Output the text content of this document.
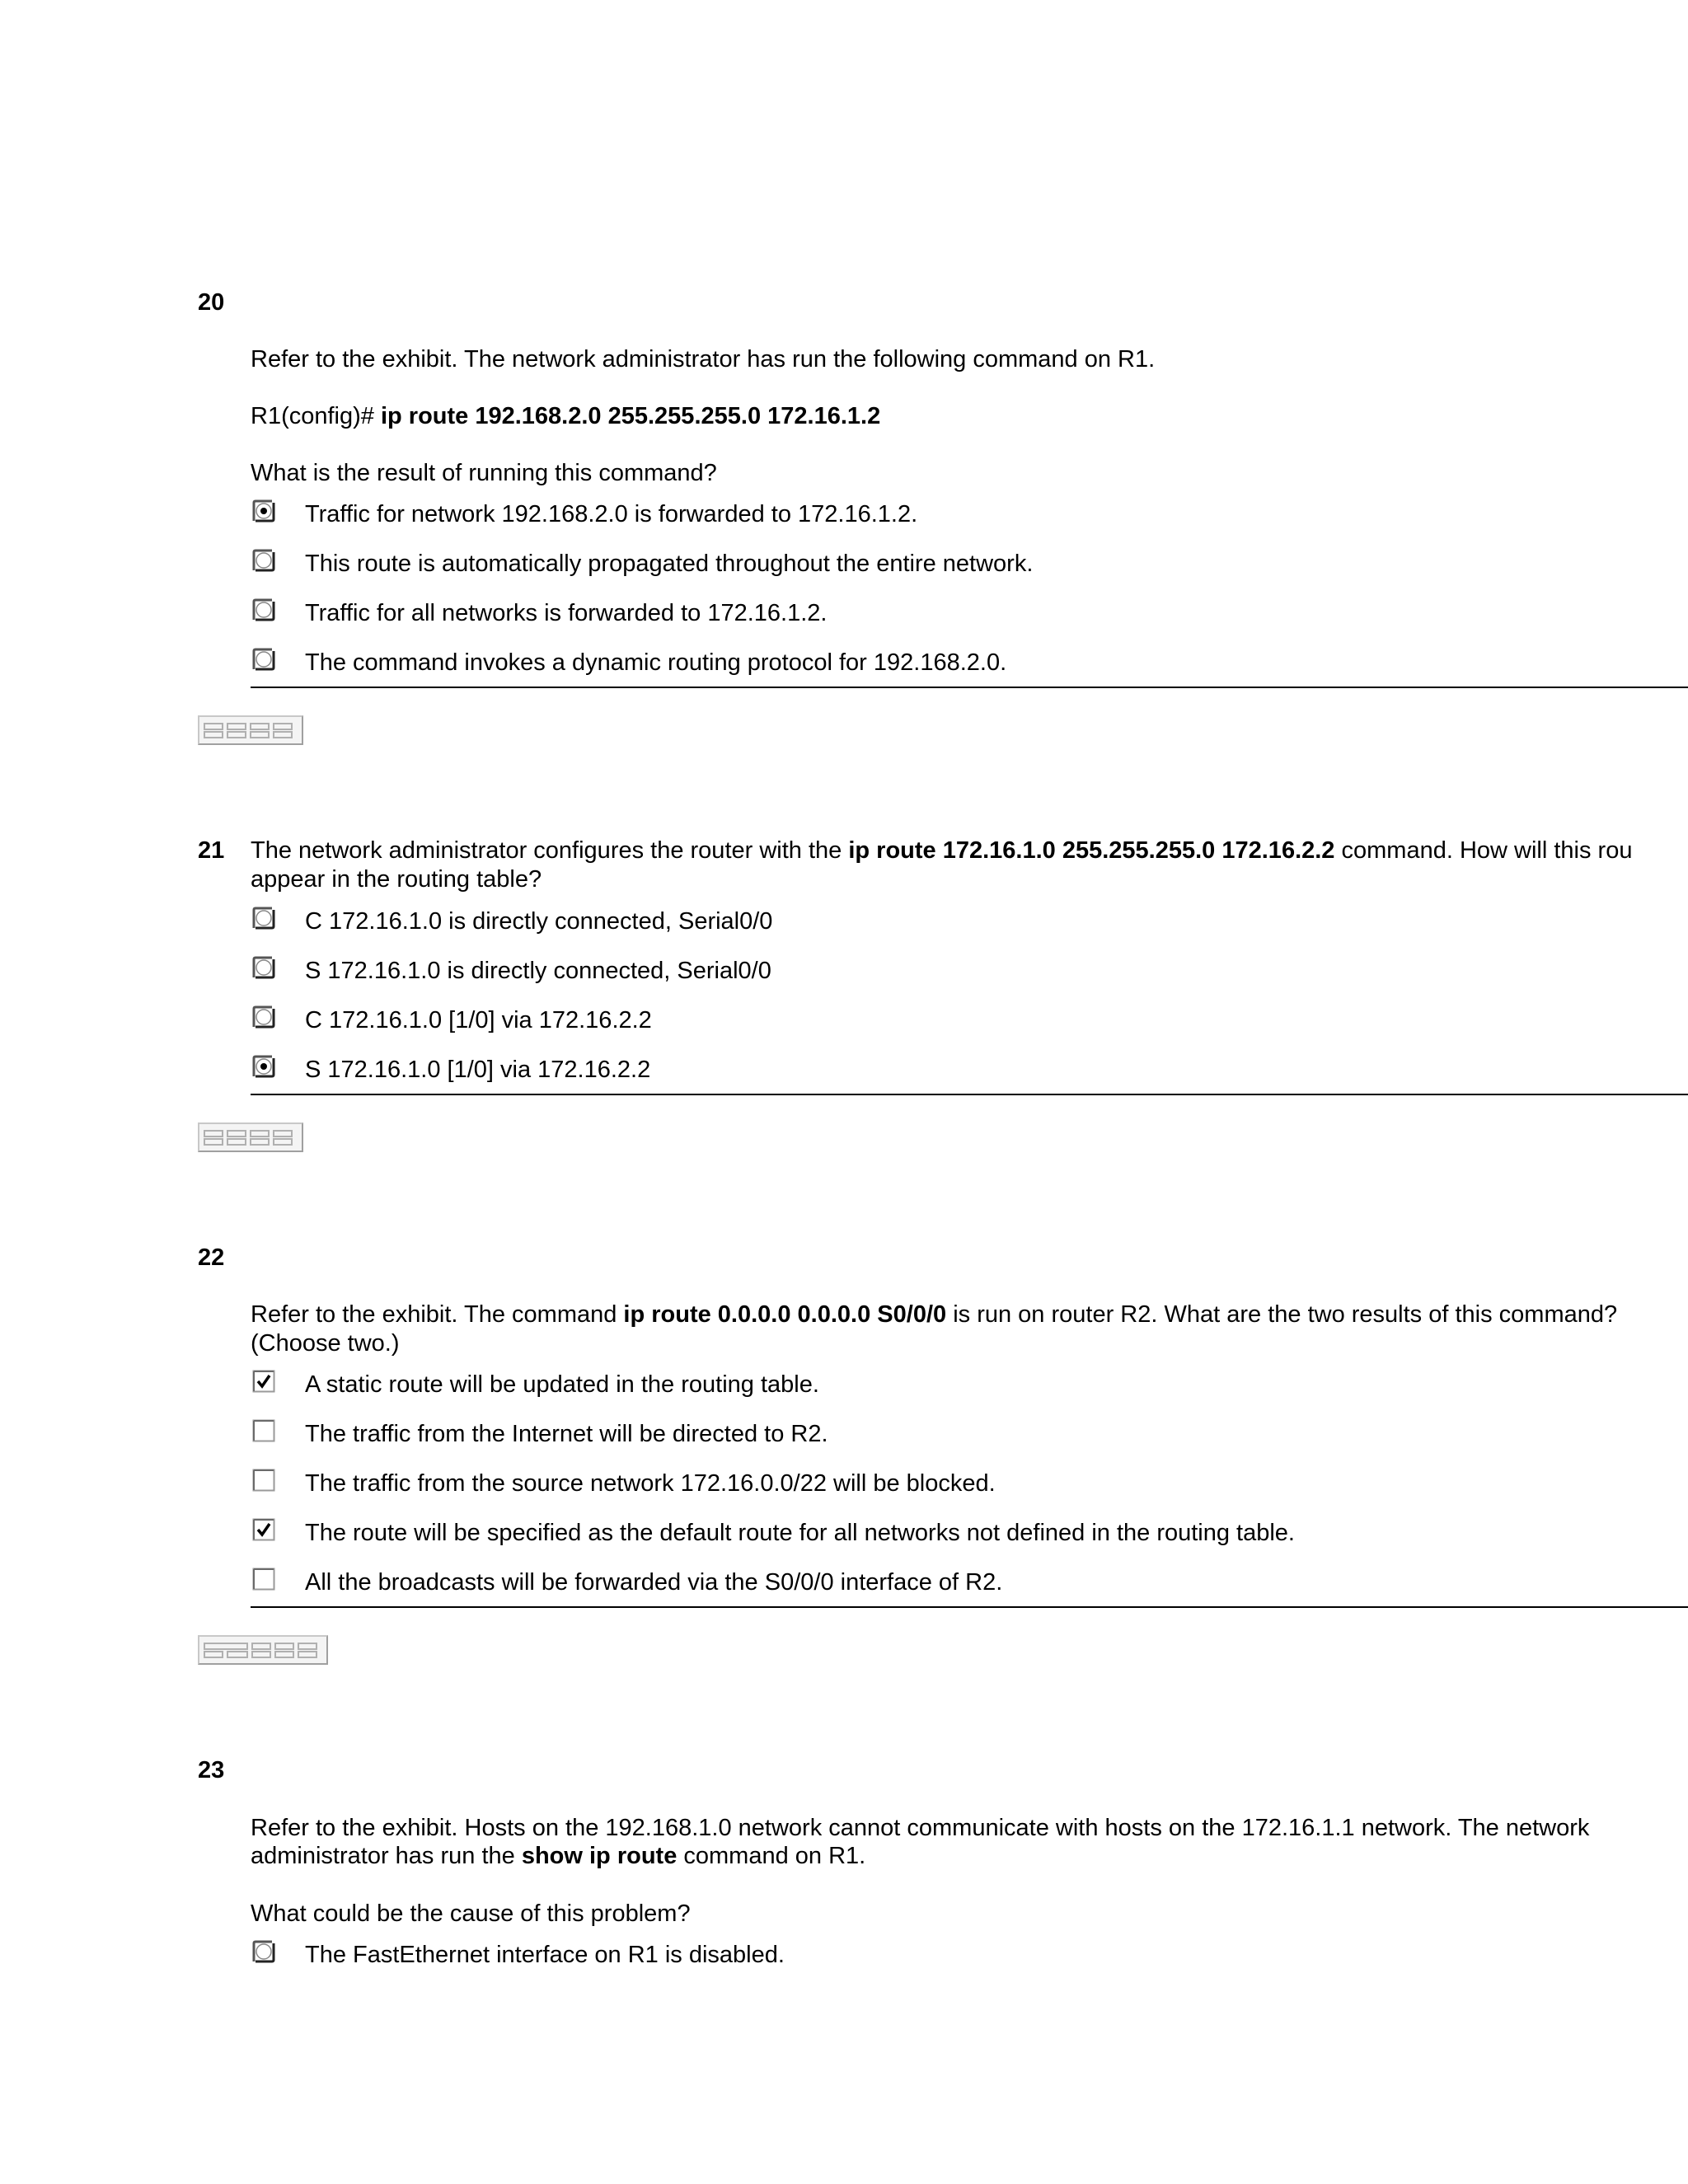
20
Refer to the exhibit. The network administrator has run the following command on R1.
R1(config)# ip route 192.168.2.0 255.255.255.0 172.16.1.2
What is the result of running this command?
Traffic for network 192.168.2.0 is forwarded to 172.16.1.2.
This route is automatically propagated throughout the entire network.
Traffic for all networks is forwarded to 172.16.1.2.
The command invokes a dynamic routing protocol for 192.168.2.0.
21 The network administrator configures the router with the ip route 172.16.1.0 255.255.255.0 172.16.2.2 command. How will this rou
appear in the routing table?
C 172.16.1.0 is directly connected, Serial0/0
S 172.16.1.0 is directly connected, Serial0/0
C 172.16.1.0 [1/0] via 172.16.2.2
S 172.16.1.0 [1/0] via 172.16.2.2
22
Refer to the exhibit. The command ip route 0.0.0.0 0.0.0.0 S0/0/0 is run on router R2. What are the two results of this command?
(Choose two.)
A static route will be updated in the routing table.
The traffic from the Internet will be directed to R2.
The traffic from the source network 172.16.0.0/22 will be blocked.
The route will be specified as the default route for all networks not defined in the routing table.
All the broadcasts will be forwarded via the S0/0/0 interface of R2.
23
Refer to the exhibit. Hosts on the 192.168.1.0 network cannot communicate with hosts on the 172.16.1.1 network. The network
administrator has run the show ip route command on R1.
What could be the cause of this problem?
The FastEthernet interface on R1 is disabled.
